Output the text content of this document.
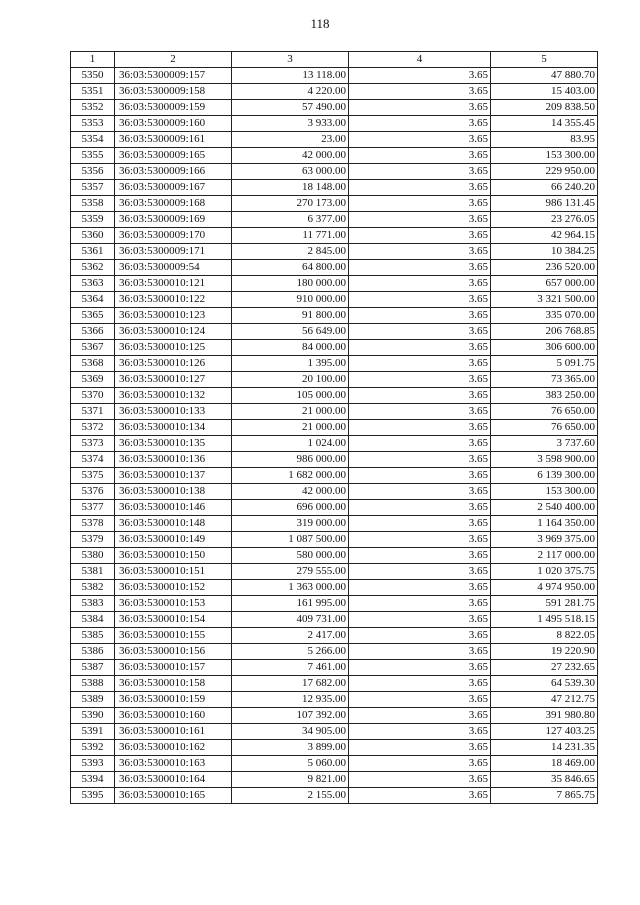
118
1	2	3	4	5
5350	36:03:5300009:157	13 118.00	3.65	47 880.70
5351	36:03:5300009:158	4 220.00	3.65	15 403.00
5352	36:03:5300009:159	57 490.00	3.65	209 838.50
5353	36:03:5300009:160	3 933.00	3.65	14 355.45
5354	36:03:5300009:161	23.00	3.65	83.95
5355	36:03:5300009:165	42 000.00	3.65	153 300.00
5356	36:03:5300009:166	63 000.00	3.65	229 950.00
5357	36:03:5300009:167	18 148.00	3.65	66 240.20
5358	36:03:5300009:168	270 173.00	3.65	986 131.45
5359	36:03:5300009:169	6 377.00	3.65	23 276.05
5360	36:03:5300009:170	11 771.00	3.65	42 964.15
5361	36:03:5300009:171	2 845.00	3.65	10 384.25
5362	36:03:5300009:54	64 800.00	3.65	236 520.00
5363	36:03:5300010:121	180 000.00	3.65	657 000.00
5364	36:03:5300010:122	910 000.00	3.65	3 321 500.00
5365	36:03:5300010:123	91 800.00	3.65	335 070.00
5366	36:03:5300010:124	56 649.00	3.65	206 768.85
5367	36:03:5300010:125	84 000.00	3.65	306 600.00
5368	36:03:5300010:126	1 395.00	3.65	5 091.75
5369	36:03:5300010:127	20 100.00	3.65	73 365.00
5370	36:03:5300010:132	105 000.00	3.65	383 250.00
5371	36:03:5300010:133	21 000.00	3.65	76 650.00
5372	36:03:5300010:134	21 000.00	3.65	76 650.00
5373	36:03:5300010:135	1 024.00	3.65	3 737.60
5374	36:03:5300010:136	986 000.00	3.65	3 598 900.00
5375	36:03:5300010:137	1 682 000.00	3.65	6 139 300.00
5376	36:03:5300010:138	42 000.00	3.65	153 300.00
5377	36:03:5300010:146	696 000.00	3.65	2 540 400.00
5378	36:03:5300010:148	319 000.00	3.65	1 164 350.00
5379	36:03:5300010:149	1 087 500.00	3.65	3 969 375.00
5380	36:03:5300010:150	580 000.00	3.65	2 117 000.00
5381	36:03:5300010:151	279 555.00	3.65	1 020 375.75
5382	36:03:5300010:152	1 363 000.00	3.65	4 974 950.00
5383	36:03:5300010:153	161 995.00	3.65	591 281.75
5384	36:03:5300010:154	409 731.00	3.65	1 495 518.15
5385	36:03:5300010:155	2 417.00	3.65	8 822.05
5386	36:03:5300010:156	5 266.00	3.65	19 220.90
5387	36:03:5300010:157	7 461.00	3.65	27 232.65
5388	36:03:5300010:158	17 682.00	3.65	64 539.30
5389	36:03:5300010:159	12 935.00	3.65	47 212.75
5390	36:03:5300010:160	107 392.00	3.65	391 980.80
5391	36:03:5300010:161	34 905.00	3.65	127 403.25
5392	36:03:5300010:162	3 899.00	3.65	14 231.35
5393	36:03:5300010:163	5 060.00	3.65	18 469.00
5394	36:03:5300010:164	9 821.00	3.65	35 846.65
5395	36:03:5300010:165	2 155.00	3.65	7 865.75
